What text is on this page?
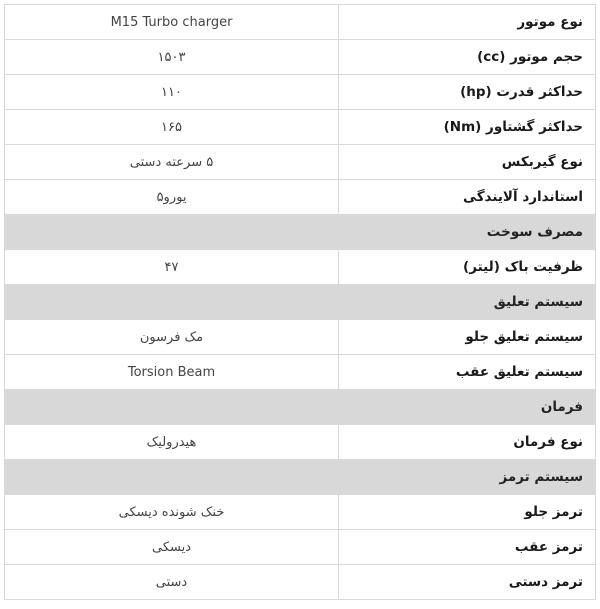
نوع موتور	M15 Turbo charger
حجم موتور (cc)	۱۵۰۳
حداکثر قدرت (hp)	۱۱۰
حداکثر گشتاور (Nm)	۱۶۵
نوع گیربکس	۵ سرعته دستی
استاندارد آلایندگی	یورو۵
مصرف سوخت	
ظرفیت باک (لیتر)	۴۷
سیستم تعلیق	
سیستم تعلیق جلو	مک فرسون
سیستم تعلیق عقب	Torsion Beam
فرمان	
نوع فرمان	هیدرولیک
سیستم ترمز	
ترمز جلو	خنک شونده دیسکی
ترمز عقب	دیسکی
ترمز دستی	دستی
